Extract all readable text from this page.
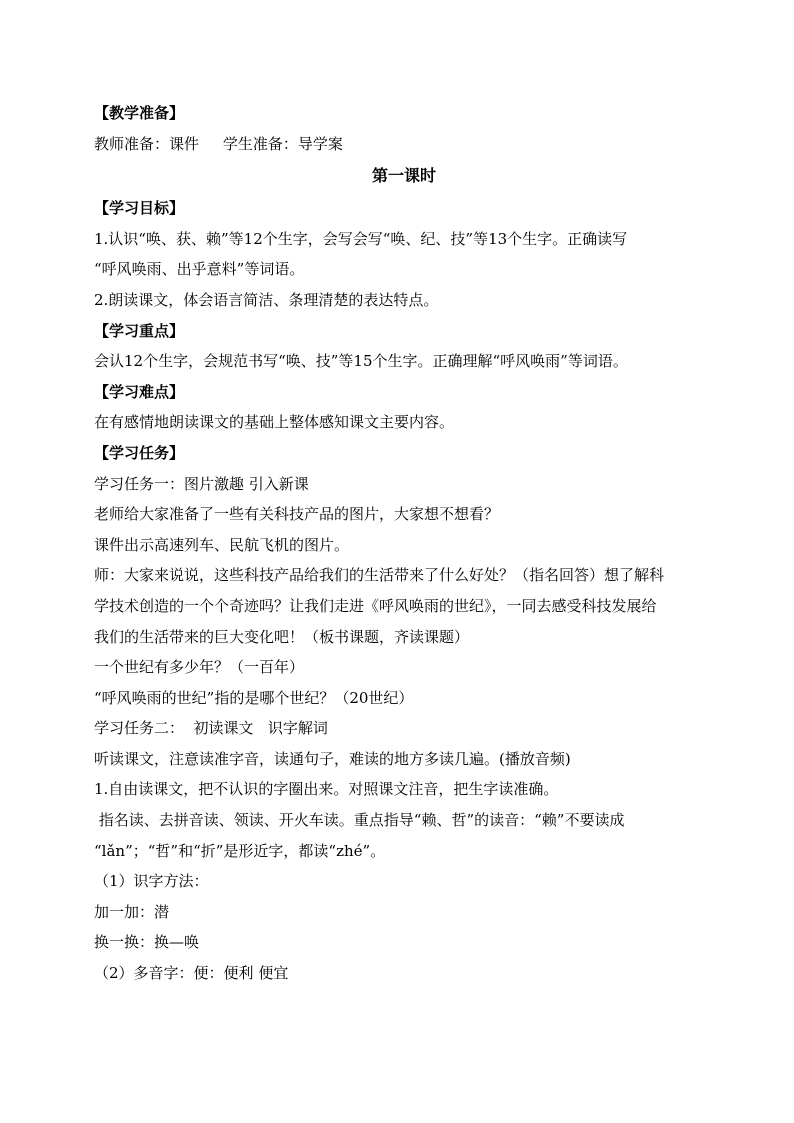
【教学准备】
教师准备：课件     学生准备：导学案
第一课时
【学习目标】
1.认识“唤、获、赖”等12个生字，会写会写“唤、纪、技”等13个生字。正确读写
“呼风唤雨、出乎意料”等词语。
2.朗读课文，体会语言简洁、条理清楚的表达特点。
【学习重点】
会认12个生字，会规范书写“唤、技”等15个生字。正确理解“呼风唤雨”等词语。
【学习难点】
在有感情地朗读课文的基础上整体感知课文主要内容。
【学习任务】
学习任务一：图片激趣 引入新课
老师给大家准备了一些有关科技产品的图片，大家想不想看？
课件出示高速列车、民航飞机的图片。
师：大家来说说，这些科技产品给我们的生活带来了什么好处？（指名回答）想了解科
学技术创造的一个个奇迹吗？让我们走进《呼风唤雨的世纪》，一同去感受科技发展给
我们的生活带来的巨大变化吧！（板书课题，齐读课题）
一个世纪有多少年？（一百年）
“呼风唤雨的世纪”指的是哪个世纪？（20世纪）
学习任务二：  初读课文   识字解词
听读课文，注意读准字音，读通句子，难读的地方多读几遍。(播放音频)
1.自由读课文，把不认识的字圈出来。对照课文注音，把生字读准确。
指名读、去拼音读、领读、开火车读。重点指导“赖、哲”的读音：“赖”不要读成
“lǎn”；“哲”和“折”是形近字，都读“zhé”。
（1）识字方法：
加一加：潜
换一换：换—唤
（2）多音字：便：便利 便宜
